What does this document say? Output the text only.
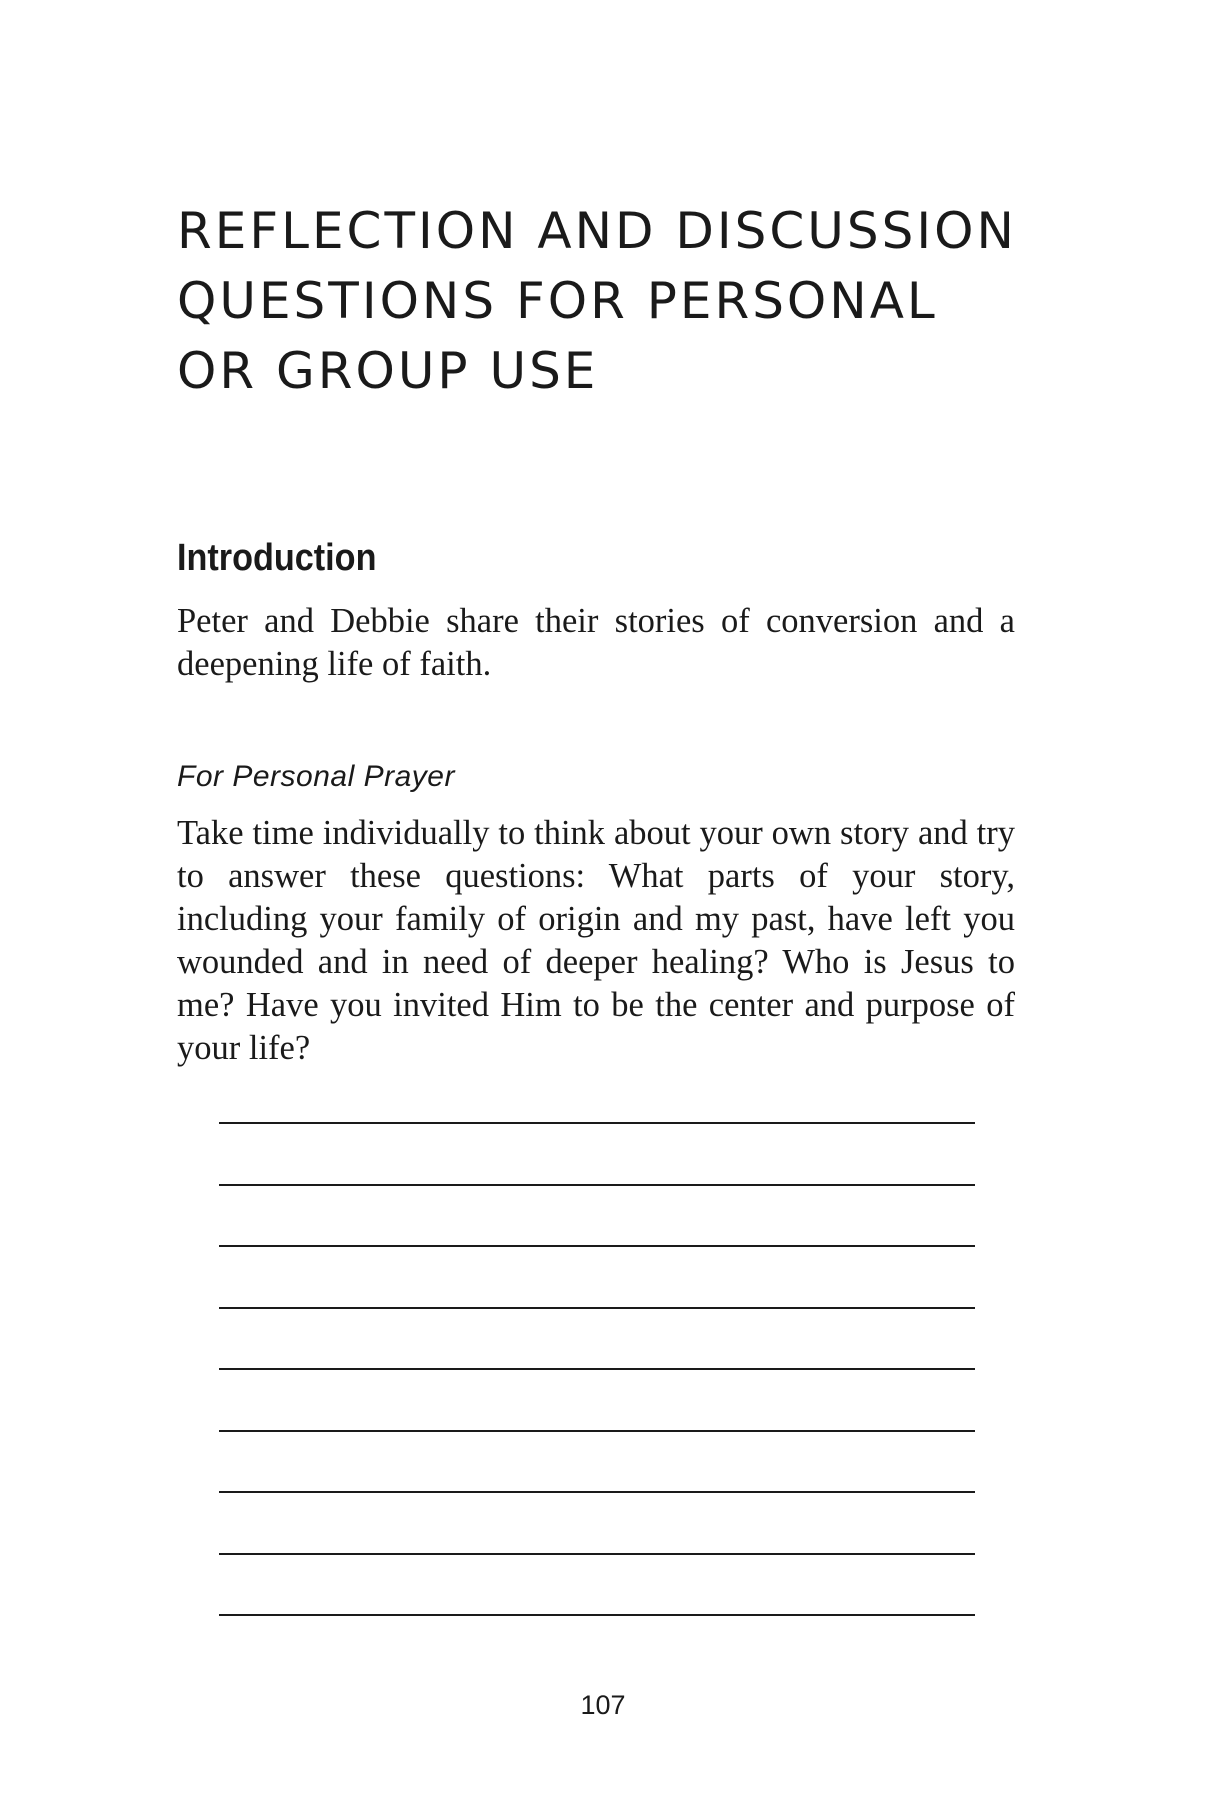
REFLECTION AND DISCUSSION
QUESTIONS FOR PERSONAL
OR GROUP USE
Introduction

Peter and Debbie share their stories of conversion and a deepening life of faith.

For Personal Prayer

Take time individually to think about your own story and try to answer these questions: What parts of your story, including your family of origin and my past, have left you wounded and in need of deeper healing? Who is Jesus to me? Have you invited Him to be the center and purpose of your life?

107
